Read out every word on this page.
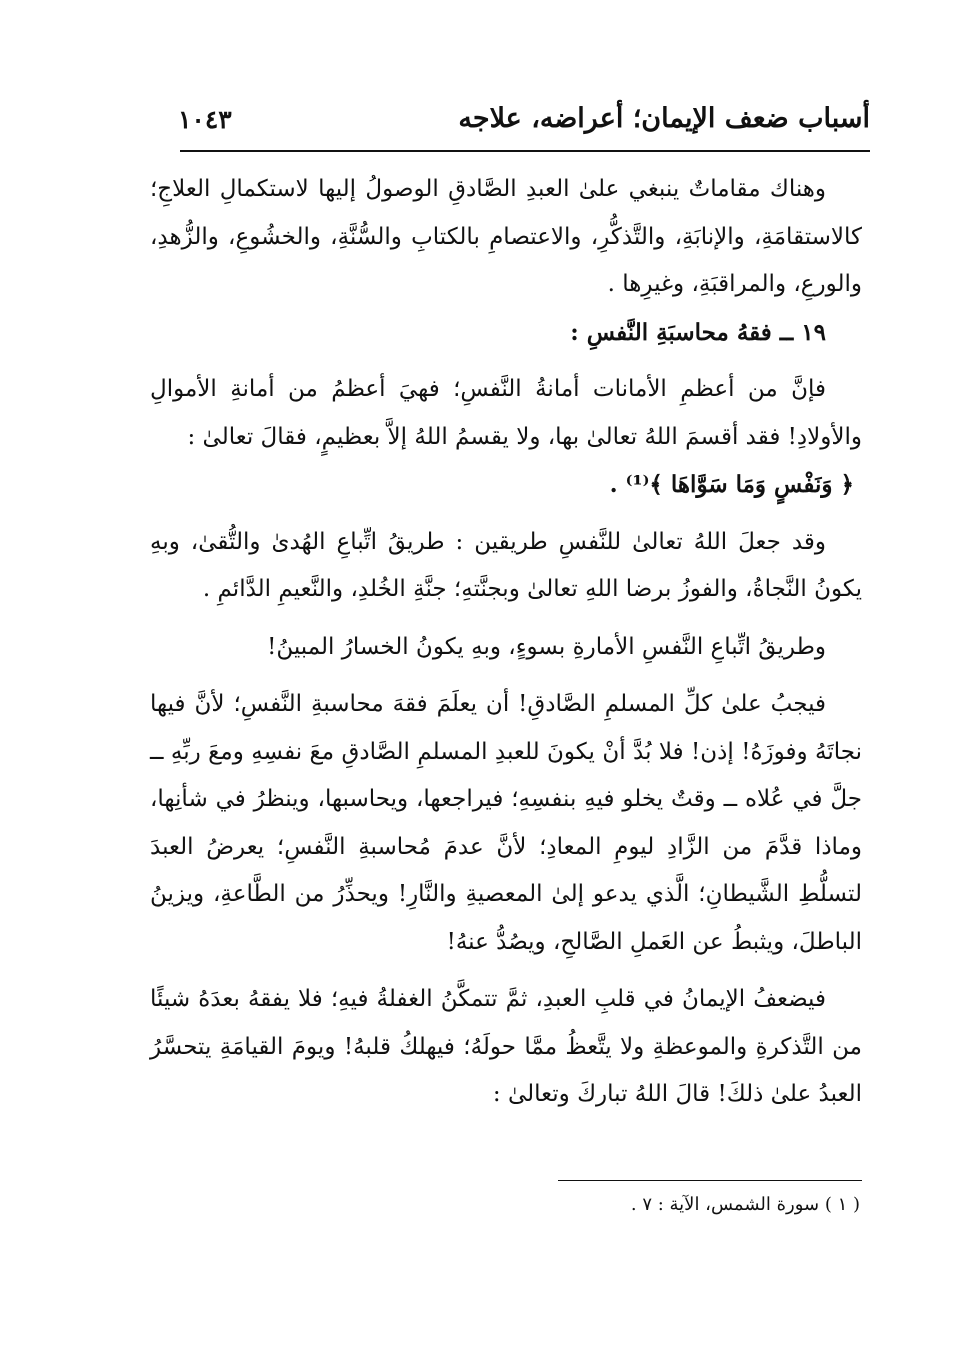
أسباب ضعف الإيمان؛ أعراضه، علاجه
١٠٤٣

وهناك مقاماتٌ ينبغي علىٰ العبدِ الصَّادقِ الوصولُ إليها لاستكمالِ العلاجِ؛ كالاستقامَةِ، والإنابَةِ، والتَّذكُّرِ، والاعتصامِ بالكتابِ والسُّنَّةِ، والخشُوعِ، والزُّهدِ، والورعِ، والمراقبَةِ، وغيرِها .

١٩ ــ فقهُ محاسبَةِ النَّفسِ :

فإنَّ من أعظمِ الأمانات أمانةُ النَّفسِ؛ فهيَ أعظمُ من أمانةِ الأموالِ والأولادِ! فقد أقسمَ اللهُ تعالىٰ بها، ولا يقسمُ اللهُ إلاَّ بعظيمٍ، فقالَ تعالىٰ :

﴿ وَنَفْسٍ وَمَا سَوَّاهَا ﴾⁽¹⁾ .

وقد جعلَ اللهُ تعالىٰ للنَّفسِ طريقين : طريقُ اتِّباعِ الهُدىٰ والتُّقىٰ، وبهِ يكونُ النَّجاةُ، والفوزُ برضا اللهِ تعالىٰ وبجنَّتهِ؛ جنَّةِ الخُلدِ، والنَّعيمِ الدَّائمِ .

وطريقُ اتِّباعِ النَّفسِ الأمارةِ بسوءٍ، وبهِ يكونُ الخسارُ المبينُ!

فيجبُ علىٰ كلِّ المسلمِ الصَّادقِ! أن يعلَمَ فقهَ محاسبةِ النَّفسِ؛ لأنَّ فيها نجاتَهُ وفوزَهُ! إذن! فلا بُدَّ أنْ يكونَ للعبدِ المسلمِ الصَّادقِ معَ نفسِهِ ومعَ ربِّهِ ــ جلَّ في عُلاه ــ وقتٌ يخلو فيهِ بنفسِهِ؛ فيراجعها، ويحاسبها، وينظرُ في شأنِها، وماذا قدَّمَ من الزَّادِ ليومِ المعادِ؛ لأنَّ عدمَ مُحاسبةِ النَّفسِ؛ يعرضُ العبدَ لتسلُّطِ الشَّيطانِ؛ الَّذي يدعو إلىٰ المعصيةِ والنَّارِ! ويحذِّرُ من الطَّاعةِ، ويزينُ الباطلَ، ويثبطُ عن العَملِ الصَّالحِ، ويصُدُّ عنهُ!

فيضعفُ الإيمانُ في قلبِ العبدِ، ثمَّ تتمكَّنُ الغفلةُ فيهِ؛ فلا يفقهُ بعدَهُ شيئًا من التَّذكرةِ والموعظةِ ولا يتَّعظُ ممَّا حولَهُ؛ فيهلكُ قلبهُ! ويومَ القيامَةِ يتحسَّرُ العبدُ علىٰ ذلكَ! قالَ اللهُ تباركَ وتعالىٰ :

( ١ ) سورة الشمس، الآية : ٧ .
